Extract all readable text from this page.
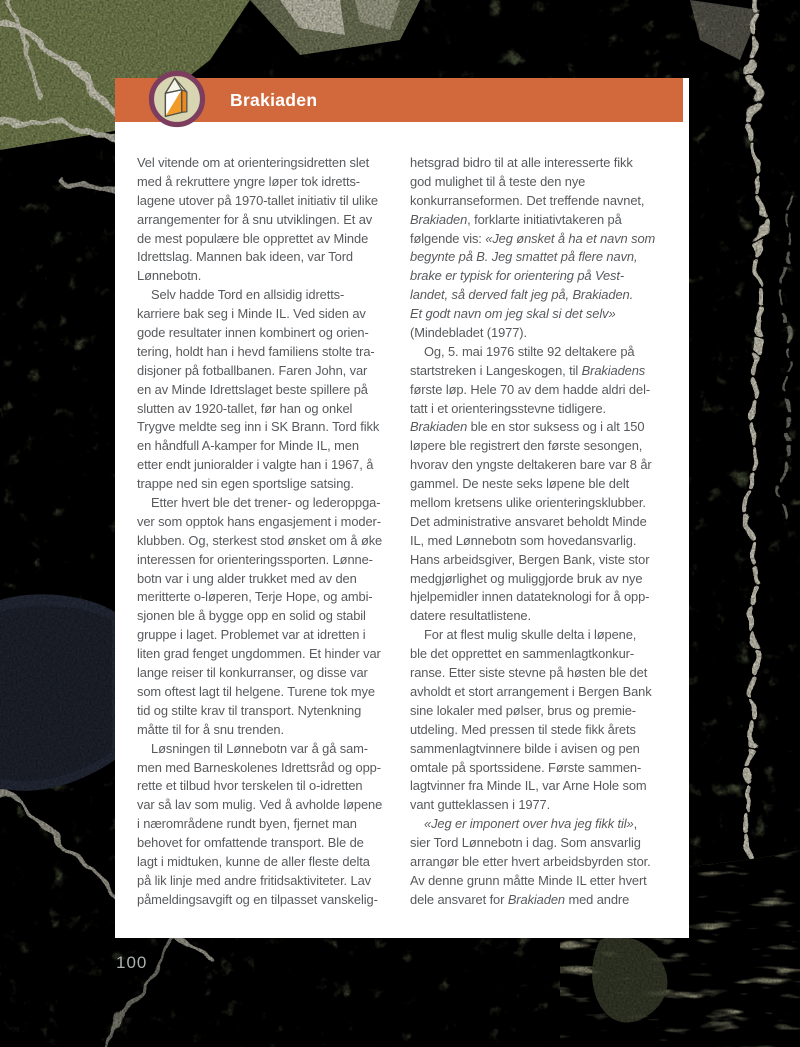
100
Brakiaden
Vel vitende om at orienteringsidretten slet
med å rekruttere yngre løper tok idretts-
lagene utover på 1970-tallet initiativ til ulike
arrangementer for å snu utviklingen. Et av
de mest populære ble opprettet av Minde
Idrettslag. Mannen bak ideen, var Tord
Lønnebotn.
Selv hadde Tord en allsidig idretts-
karriere bak seg i Minde IL. Ved siden av
gode resultater innen kombinert og orien-
tering, holdt han i hevd familiens stolte tra-
disjoner på fotballbanen. Faren John, var
en av Minde Idrettslaget beste spillere på
slutten av 1920-tallet, før han og onkel
Trygve meldte seg inn i SK Brann. Tord fikk
en håndfull A-kamper for Minde IL, men
etter endt junioralder i valgte han i 1967, å
trappe ned sin egen sportslige satsing.
Etter hvert ble det trener- og lederoppga-
ver som opptok hans engasjement i moder-
klubben. Og, sterkest stod ønsket om å øke
interessen for orienteringssporten. Lønne-
botn var i ung alder trukket med av den
meritterte o-løperen, Terje Hope, og ambi-
sjonen ble å bygge opp en solid og stabil
gruppe i laget. Problemet var at idretten i
liten grad fenget ungdommen. Et hinder var
lange reiser til konkurranser, og disse var
som oftest lagt til helgene. Turene tok mye
tid og stilte krav til transport. Nytenkning
måtte til for å snu trenden.
Løsningen til Lønnebotn var å gå sam-
men med Barneskolenes Idrettsråd og opp-
rette et tilbud hvor terskelen til o-idretten
var så lav som mulig. Ved å avholde løpene
i nærområdene rundt byen, fjernet man
behovet for omfattende transport. Ble de
lagt i midtuken, kunne de aller fleste delta
på lik linje med andre fritidsaktiviteter. Lav
påmeldingsavgift og en tilpasset vanskelig-
hetsgrad bidro til at alle interesserte fikk
god mulighet til å teste den nye
konkurranseformen. Det treffende navnet,
Brakiaden, forklarte initiativtakeren på
følgende vis: «Jeg ønsket å ha et navn som
begynte på B. Jeg smattet på flere navn,
brake er typisk for orientering på Vest-
landet, så derved falt jeg på, Brakiaden.
Et godt navn om jeg skal si det selv»
(Mindebladet (1977).
Og, 5. mai 1976 stilte 92 deltakere på
startstreken i Langeskogen, til Brakiadens
første løp. Hele 70 av dem hadde aldri del-
tatt i et orienteringsstevne tidligere.
Brakiaden ble en stor suksess og i alt 150
løpere ble registrert den første sesongen,
hvorav den yngste deltakeren bare var 8 år
gammel. De neste seks løpene ble delt
mellom kretsens ulike orienteringsklubber.
Det administrative ansvaret beholdt Minde
IL, med Lønnebotn som hovedansvarlig.
Hans arbeidsgiver, Bergen Bank, viste stor
medgjørlighet og muliggjorde bruk av nye
hjelpemidler innen datateknologi for å opp-
datere resultatlistene.
For at flest mulig skulle delta i løpene,
ble det opprettet en sammenlagtkonkur-
ranse. Etter siste stevne på høsten ble det
avholdt et stort arrangement i Bergen Bank
sine lokaler med pølser, brus og premie-
utdeling. Med pressen til stede fikk årets
sammenlagtvinnere bilde i avisen og pen
omtale på sportssidene. Første sammen-
lagtvinner fra Minde IL, var Arne Hole som
vant gutteklassen i 1977.
«Jeg er imponert over hva jeg fikk til»,
sier Tord Lønnebotn i dag. Som ansvarlig
arrangør ble etter hvert arbeidsbyrden stor.
Av denne grunn måtte Minde IL etter hvert
dele ansvaret for Brakiaden med andre
